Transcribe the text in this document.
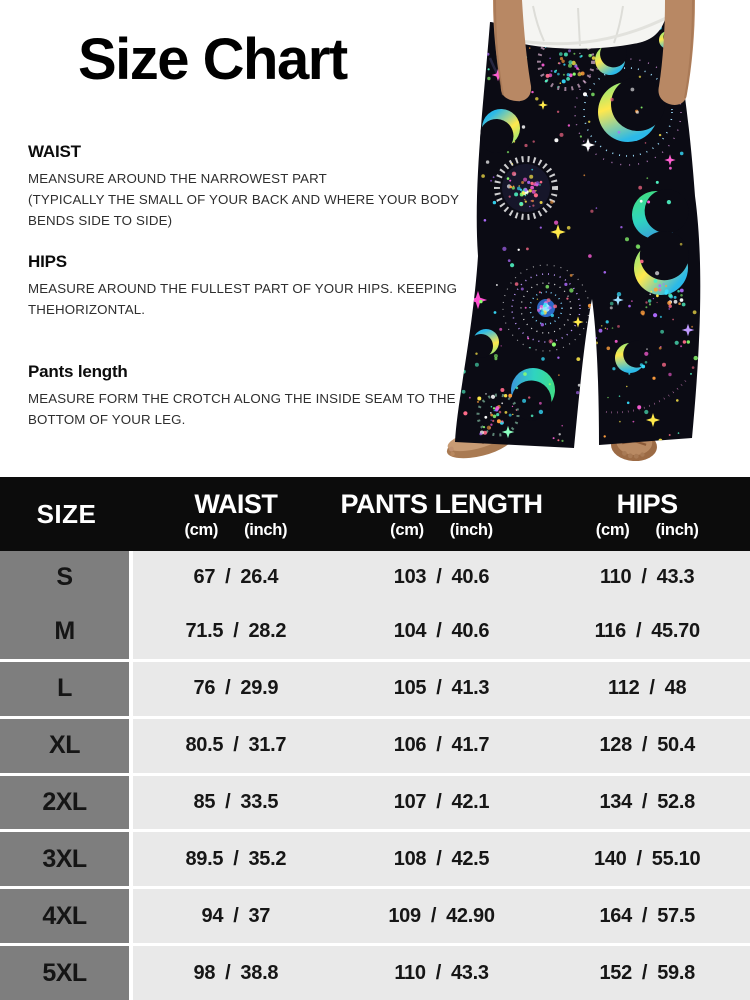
Size Chart
WAIST

MEANSURE AROUND THE NARROWEST PART

(TYPICALLY THE SMALL OF YOUR BACK AND WHERE YOUR BODY

BENDS SIDE TO SIDE)

HIPS

MEASURE AROUND THE FULLEST PART OF YOUR HIPS. KEEPING

THEHORIZONTAL.

Pants length

MEASURE FORM THE CROTCH ALONG THE INSIDE SEAM TO THE

BOTTOM OF YOUR LEG.

SIZE	WAIST
(cm) (inch)
PANTS LENGTH
(cm) (inch)
HIPS
(cm) (inch)
S	67 / 26.4	103 / 40.6	110 / 43.3
M	71.5 / 28.2	104 / 40.6	116 / 45.70
L	76 / 29.9	105 / 41.3	112 / 48
XL	80.5 / 31.7	106 / 41.7	128 / 50.4
2XL	85 / 33.5	107 / 42.1	134 / 52.8
3XL	89.5 / 35.2	108 / 42.5	140 / 55.10
4XL	94 / 37	109 / 42.90	164 / 57.5
5XL	98 / 38.8	110 / 43.3	152 / 59.8
